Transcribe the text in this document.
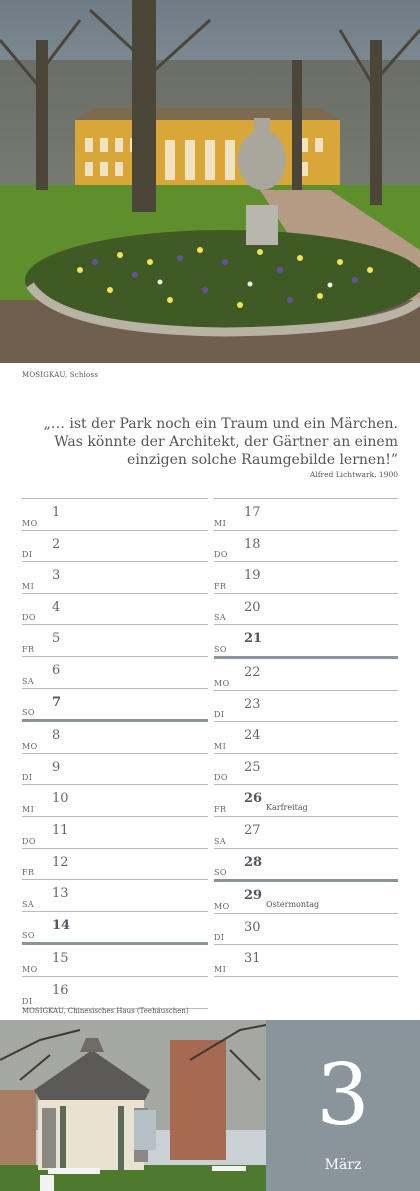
MOSIGKAU, Schloss
„… ist der Park noch ein Traum und ein Märchen.
Was könnte der Architekt, der Gärtner an einem
einzigen solche Raumgebilde lernen!”
Alfred Lichtwark, 1900
1
MO
2
DI
3
MI
4
DO
5
FR
6
SA
7
SO
8
MO
9
DI
10
MI
11
DO
12
FR
13
SA
14
SO
15
MO
16
DI
17
MI
18
DO
19
FR
20
SA
21
SO
22
MO
23
DI
24
MI
25
DO
26
FR	Karfreitag
27
SA
28
SO
29
MO	Ostermontag
30
DI
31
MI
MOSIGKAU, Chinesisches Haus (Teehäuschen)
3
März
